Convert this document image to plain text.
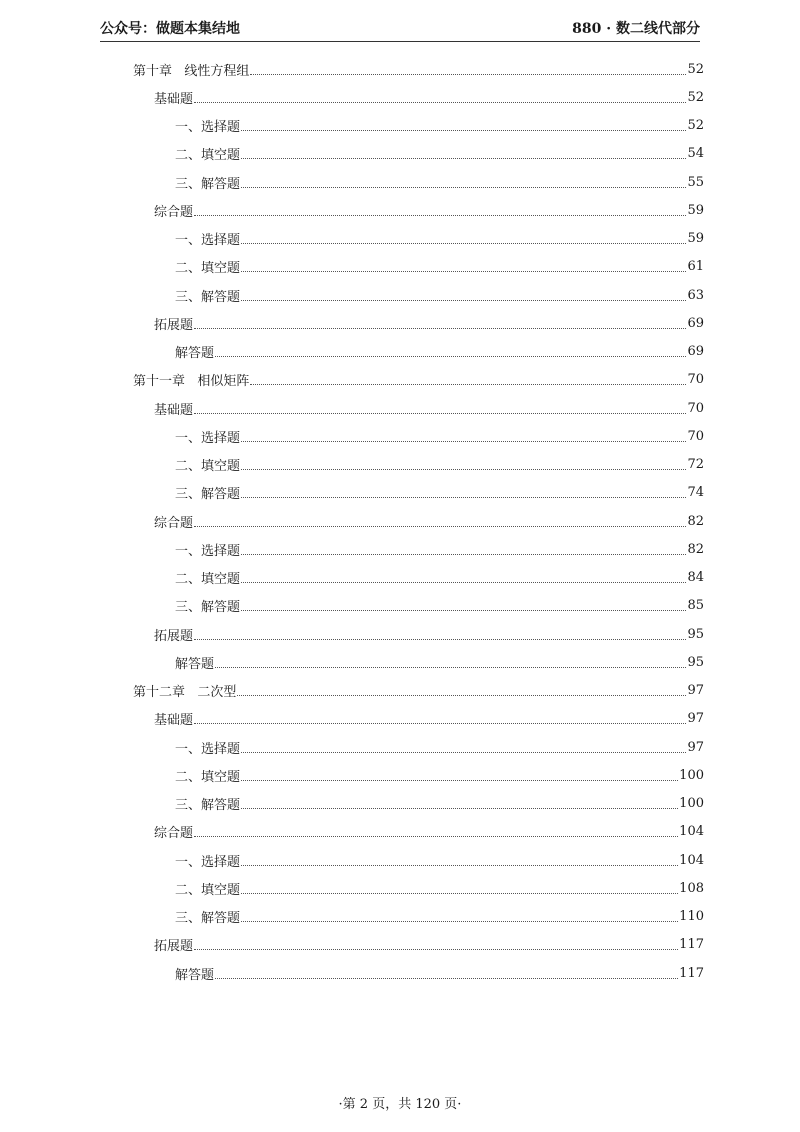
公众号：做题本集结地	880 · 数二线代部分
第十章   线性方程组	52
基础题	52
一、选择题	52
二、填空题	54
三、解答题	55
综合题	59
一、选择题	59
二、填空题	61
三、解答题	63
拓展题	69
解答题	69
第十一章   相似矩阵	70
基础题	70
一、选择题	70
二、填空题	72
三、解答题	74
综合题	82
一、选择题	82
二、填空题	84
三、解答题	85
拓展题	95
解答题	95
第十二章   二次型	97
基础题	97
一、选择题	97
二、填空题	100
三、解答题	100
综合题	104
一、选择题	104
二、填空题	108
三、解答题	110
拓展题	117
解答题	117
·第 2 页，共 120 页·
